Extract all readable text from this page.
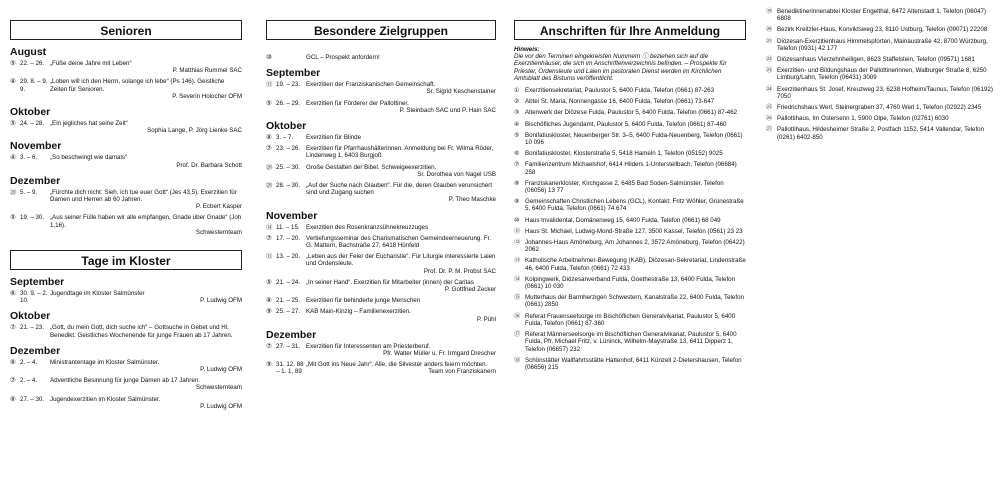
Senioren
August
⑤ 22. – 26. „Füße deine Jahre mit Leben“
P. Matthias Rummel SAC
④ 29. 8. – 9. 9.
„Loben will ich den Herrn, solange ich lebe“ (Ps 146). Geistliche Zeiten für Senioren.
P. Severin Holocher OFM
Oktober
⑤ 24. – 28. „Ein jegliches hat seine Zeit“
Sophia Lange, P. Jörg Lienke SAC
November
④ 3. – 6.	„So beschwingt wie damals“
Prof. Dr. Barbara Schott
Dezember
⑳ 5. – 9.	„Fürchte dich nicht: Sieh, ich tue euer Gott“ (Jes 43,5). Exerzitien für Damen und Herren ab 60 Jahren.
P. Ecbert Kasper
⑤ 19. – 30. „Aus seiner Fülle haben wir alle empfangen, Gnade über Gnade“ (Joh 1,16).
Schwesternteam
Tage im Kloster
September
⑥ 30. 9. – 2. 10.
Jugendtage im Kloster Salmünster
P. Ludwig OFM
Oktober
⑦ 21. – 23. „Gott, du mein Gott, dich suche ich“ – Gottsuche in Gebet und Hl. Benedikt. Geistliches Wochenende für junge Frauen ab 17 Jahren.
Dezember
⑥ 2. – 4.	Ministrantentage im Kloster Salmünster.
P. Ludwig OFM
⑦ 2. – 4.	Adventliche Besinnung für junge Damen ab 17 Jahren.
Schwesternteam
⑥ 27. – 30. Jugendexerzitien im Kloster Salmünster.
P. Ludwig OFM
Besondere Zielgruppen
⑩	GCL – Prospekt anfordern!
September
⑪ 19. – 23. Exerzitien der Franziskanischen Gemeinschaft.
Sr. Sigrid Keschenstainer
⑤ 26. – 29. Exerzitien für Förderer der Pallottiner.
P. Steinbach SAC und P. Hain SAC
Oktober
⑧ 3. – 7.	Exerzitien für Blinde
⑦ 23. – 26. Exerzitien für Pfarrhaushälterinnen. Anmeldung bei Fr. Wilma Röder, Lindenweg 1, 6403 Burgjoß
⑳ 25. – 30. Große Gestalten der Bibel. Schweigeexerzitien.
Sr. Dorothea von Nagel USB
⑳ 28. – 30. „Auf der Suche nach Glauben“. Für die, deren Glauben verunsichert sind und Zugang suchen
P. Theo Maschke
November
⑭ 11. – 15.	Exerzitien des Rosenkranzsühnekreuzzuges
⑦ 17. – 20. Vertiefungsseminar des Charismatischen Gemeindeerneuerung. Fr. G. Mattern, Bachstraße 27, 6418 Hünfeld
⑪ 13. – 20. „Leben aus der Feier der Eucharistie“. Für Liturgie interessierte Laien und Ordensleute.
Prof. Dr. P. M. Probst SAC
⑤ 21. – 24. „In seiner Hand“. Exerzitien für Mitarbeiter (innen) der Caritas
P. Gottfried Zecker
⑧ 21. – 25. Exerzitien für behinderte junge Menschen
⑨ 25. – 27. KAB Main-Kinzig – Familienexerzitien.
P. Pühl
Dezember
⑦ 27. – 31. Exerzitien für Interessenten am Priesterberuf.
Pfr. Walter Müller u. Fr. Irmgard Drescher
⑨ 31. 12. 88 – 1. 1. 89
„Mit Gott ins Neue Jahr“. Alle, die Silvester anders feiern möchten.
Team von Franziskanern
Anschriften für Ihre Anmeldung
Hinweis:
Die vor den Terminen eingekreisten Nummern ⓘ beziehen sich auf die Exerzitienhäuser, die sich im Anschriftenverzeichnis befinden. – Prospekte für Priester, Ordensleute und Laien im pastoralen Dienst werden im Kirchlichen Amtsblatt des Bistums veröffentlicht.
① Exerzitiensekretariat, Paulustor 5, 6400 Fulda, Telefon (0661) 87-263
② Abtei St. Maria, Nonnengasse 16, 6400 Fulda, Telefon (0661) 73-647
③ Altenwerk der Diözese Fulda, Paulustor 5, 6400 Fulda, Telefon (0661) 87-462
④ Bischöfliches Jugendamt, Paulustor 5, 6400 Fulda, Telefon (0661) 87-460
⑤ Bonifatiuskloster, Neuenberger Str. 3–5, 6400 Fulda-Neuenberg, Telefon (0661) 10 096
⑥ Bonifatiuskloster, Klosterstraße 5, 5418 Hameln 1, Telefon (05152) 9025
⑦ Familienzentrum Michaelshof, 6414 Hilders 1-Unterstellbach, Telefon (06684) 258
⑧ Franziskanerkloster, Kirchgasse 2, 6485 Bad Soden-Salmünster, Telefon (06056) 13 77
⑨ Gemeinschaften Christlichen Lebens (GCL), Kontakt: Fritz Wöhler, Grünestraße 5, 6400 Fulda, Telefon (0661) 74 674
⑩ Haus Invalidental, Domänenweg 15, 6400 Fulda, Telefon (0661) 68 049
⑪ Haus St. Michael, Ludwig-Mond-Straße 127, 3500 Kassel, Telefon (0561) 23 23
⑫ Johannes-Haus Amöneburg, Am Johannes 2, 3572 Amöneburg, Telefon (06422) 2062
⑬ Katholische Arbeitnehmer-Bewegung (KAB), Diözesan-Sekretariat, Lindenstraße 46, 6400 Fulda, Telefon (0661) 72 433
⑭ Kolpingwerk, Diözesanverband Fulda, Goethestraße 13, 6400 Fulda, Telefon (0661) 10 030
⑮ Mutterhaus der Barmherzigen Schwestern, Kanalstraße 22, 6400 Fulda, Telefon (0661) 2850
⑯ Referat Frauenseelsorge im Bischöflichen Generalvikariat, Paulustor 5, 6400 Fulda, Telefon (0661) 87-360
⑰ Referat Männerseelsorge im Bischöflichen Generalvikariat, Paulustor 5, 6400 Fulda, Pfr. Michael Fritz, v. Lüninck, Wilhelm-Maystraße 13, 6411 Dipperz 1, Telefon (06657) 232
⑱ Schönstätter Wallfahrtsstätte Hattenhof, 6411 Künzell 2-Dietershausen, Telefon (06656) 215
⑲ Benediktinerinnenabtei Kloster Engelthal, 6472 Altenstadt 1, Telefon (06047) 6808
⑳ Bezirk Kreitzler-Haus, Konviktsweg 23, 8110 Ustburg, Telefon (09071) 22208
㉑ Diözesan-Exerzitienhaus Himmelspforten, Mainaustraße 42, 8700 Würzburg, Telefon (0931) 42 177
㉒ Diözesanhaus Vierzehnheiligen, 8623 Staffelstein, Telefon (09571) 1681
㉓ Exerzitien- und Bildungshaus der Pallottinerinnen, Walburger Straße 8, 6250 Limburg/Lahn, Telefon (06431) 3009
㉔ Exerzitienhaus St. Josef, Kreuzweg 23, 6238 Hofheim/Taunus, Telefon (06192) 7050
㉕ Friedrichshaus Werl, Steinergraben 37, 4760 Werl 1, Telefon (02922) 2345
㉖ Pallottihaus, Im Ostersenn 1, 5900 Olpe, Telefon (02761) 6030
㉗ Pallottihaus, Hildesheimer Straße 2, Postfach 1152, 5414 Vallendar, Telefon (0261) 6402-850
